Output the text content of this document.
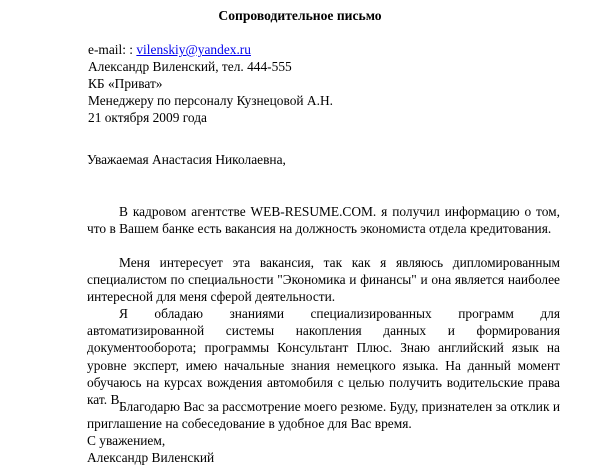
Сопроводительное письмо
e-mail: : vilenskiy@yandex.ru
Александр Виленский, тел. 444-555
КБ «Приват»
Менеджеру по персоналу Кузнецовой А.Н.
21 октября 2009 года
Уважаемая Анастасия Николаевна,
В кадровом агентстве WEB-RESUME.COM. я получил информацию о том, что в Вашем банке есть вакансия на должность экономиста отдела кредитования.
Меня интересует эта вакансия, так как я являюсь дипломированным специалистом по специальности "Экономика и финансы" и она является наиболее интересной для меня сферой деятельности.
Я обладаю знаниями специализированных программ для автоматизированной системы накопления данных и формирования документооборота; программы Консультант Плюс. Знаю английский язык на уровне эксперт, имею начальные знания немецкого языка. На данный момент обучаюсь на курсах вождения автомобиля с целью получить водительские права кат. В.
Благодарю Вас за рассмотрение моего резюме. Буду, признателен за отклик и приглашение на собеседование в удобное для Вас время.
С уважением,
Александр Виленский
